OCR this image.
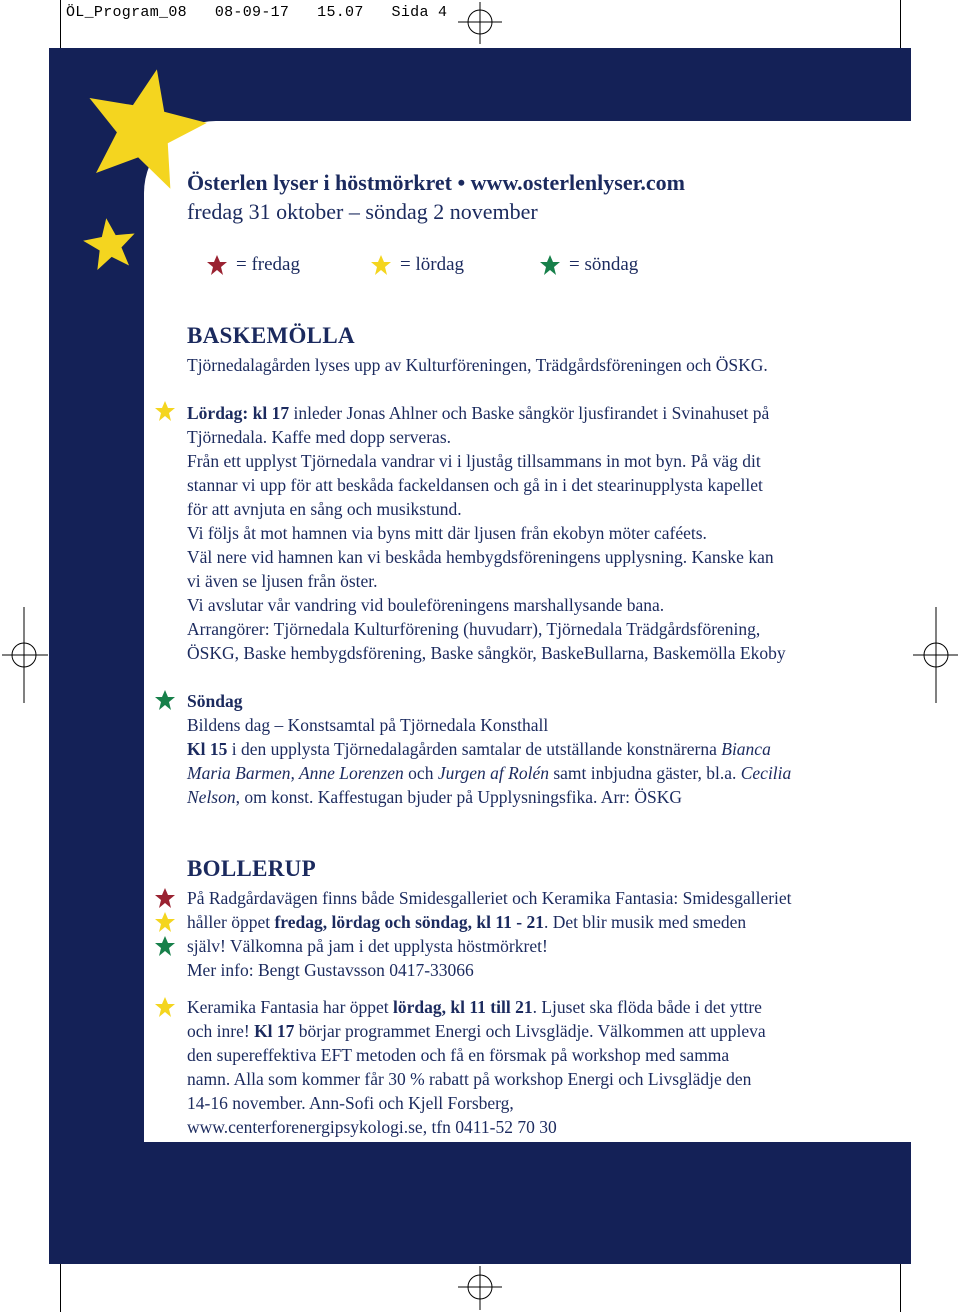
ÖL_Program_08   08-09-17   15.07   Sida 4
Österlen lyser i höstmörkret • www.osterlenlyser.com
fredag 31 oktober – söndag 2 november
= fredag	= lördag	= söndag
BASKEMÖLLA
Tjörnedalagården lyses upp av Kulturföreningen, Trädgårdsföreningen och ÖSKG.
Lördag: kl 17 inleder Jonas Ahlner och Baske sångkör ljusfirandet i Svinahuset på
Tjörnedala. Kaffe med dopp serveras.
Från ett upplyst Tjörnedala vandrar vi i ljuståg tillsammans in mot byn. På väg dit
stannar vi upp för att beskåda fackeldansen och gå in i det stearinupplysta kapellet
för att avnjuta en sång och musikstund.
Vi följs åt mot hamnen via byns mitt där ljusen från ekobyn möter caféets.
Väl nere vid hamnen kan vi beskåda hembygdsföreningens upplysning. Kanske kan
vi även se ljusen från öster.
Vi avslutar vår vandring vid bouleföreningens marshallysande bana.
Arrangörer: Tjörnedala Kulturförening (huvudarr), Tjörnedala Trädgårdsförening,
ÖSKG, Baske hembygdsförening, Baske sångkör, BaskeBullarna, Baskemölla Ekoby
Söndag
Bildens dag – Konstsamtal på Tjörnedala Konsthall
Kl 15 i den upplysta Tjörnedalagården samtalar de utställande konstnärerna Bianca
Maria Barmen, Anne Lorenzen och Jurgen af Rolén samt inbjudna gäster, bl.a. Cecilia
Nelson, om konst. Kaffestugan bjuder på Upplysningsfika. Arr: ÖSKG
BOLLERUP
På Radgårdavägen finns både Smidesgalleriet och Keramika Fantasia: Smidesgalleriet
håller öppet fredag, lördag och söndag, kl 11 - 21. Det blir musik med smeden
själv! Välkomna på jam i det upplysta höstmörkret!
Mer info: Bengt Gustavsson 0417-33066
Keramika Fantasia har öppet lördag, kl 11 till 21. Ljuset ska flöda både i det yttre
och inre! Kl 17 börjar programmet Energi och Livsglädje. Välkommen att uppleva
den supereffektiva EFT metoden och få en försmak på workshop med samma
namn. Alla som kommer får 30 % rabatt på workshop Energi och Livsglädje den
14-16 november. Ann-Sofi och Kjell Forsberg,
www.centerforenergipsykologi.se, tfn 0411-52 70 30
